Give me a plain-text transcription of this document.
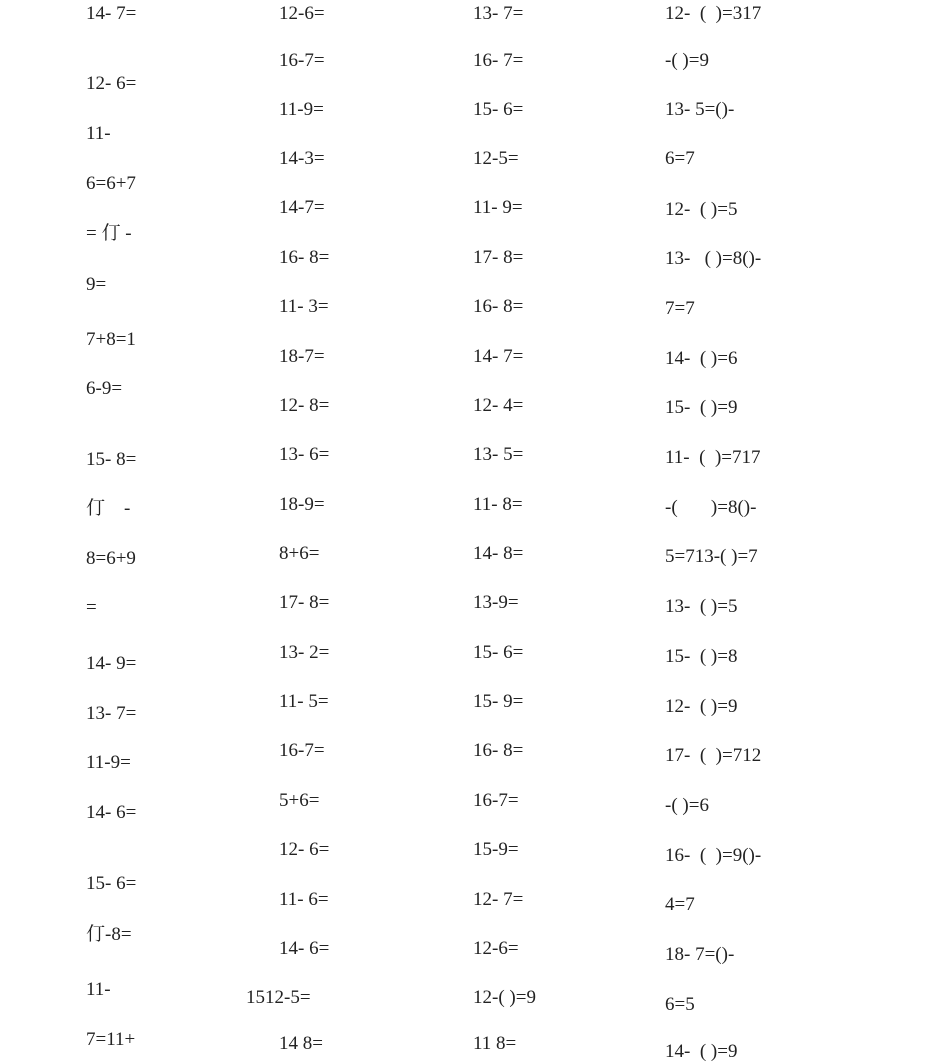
14- 7=
12- 6=
11-
6=6+7
= 仃 -
9=
7+8=1
6-9=
15- 8=
仃    -
8=6+9
=
14- 9=
13- 7=
11-9=
14- 6=
15- 6=
仃-8=
11-
7=11+
12-6=
16-7=
11-9=
14-3=
14-7=
16- 8=
11- 3=
18-7=
12- 8=
13- 6=
18-9=
8+6=
17- 8=
13- 2=
11- 5=
16-7=
5+6=
12- 6=
11- 6=
14- 6=
1512-5=
14 8=
13- 7=
16- 7=
15- 6=
12-5=
11- 9=
17- 8=
16- 8=
14- 7=
12- 4=
13- 5=
11- 8=
14- 8=
13-9=
15- 6=
15- 9=
16- 8=
16-7=
15-9=
12- 7=
12-6=
12-( )=9
11 8=
12-  (  )=317
-( )=9
13- 5=()-
6=7
12-  ( )=5
13-   ( )=8()-
7=7
14-  ( )=6
15-  ( )=9
11-  (  )=717
-(       )=8()-
5=713-( )=7
13-  ( )=5
15-  ( )=8
12-  ( )=9
17-  (  )=712
-( )=6
16-  (  )=9()-
4=7
18- 7=()-
6=5
14-  ( )=9
